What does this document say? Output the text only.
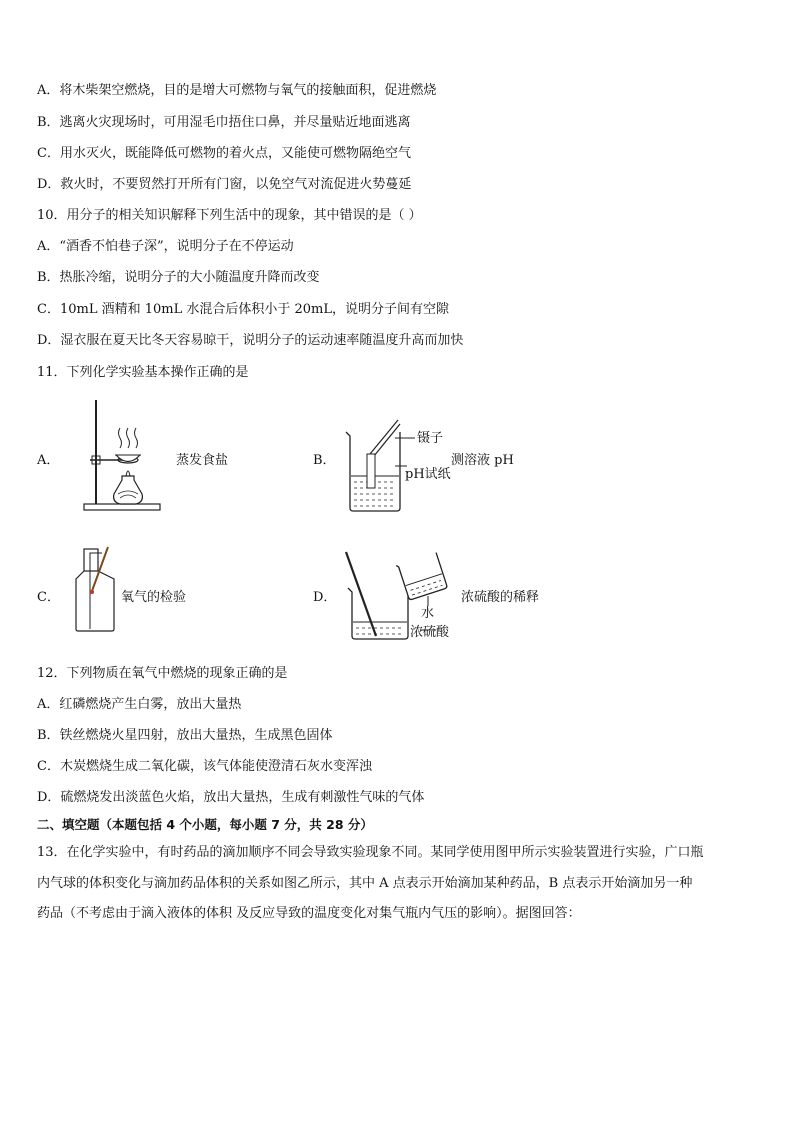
A．将木柴架空燃烧，目的是增大可燃物与氧气的接触面积，促进燃烧
B．逃离火灾现场时，可用湿毛巾捂住口鼻，并尽量贴近地面逃离
C．用水灭火，既能降低可燃物的着火点，又能使可燃物隔绝空气
D．救火时，不要贸然打开所有门窗，以免空气对流促进火势蔓延
10．用分子的相关知识解释下列生活中的现象，其中错误的是（ ）
A．“酒香不怕巷子深”，说明分子在不停运动
B．热胀冷缩，说明分子的大小随温度升降而改变
C．10mL 酒精和 10mL 水混合后体积小于 20mL，说明分子间有空隙
D．湿衣服在夏天比冬天容易晾干，说明分子的运动速率随温度升高而加快
11．下列化学实验基本操作正确的是
A．	蒸发食盐	B．
镊子
pH试纸
测溶液 pH
C．	氧气的检验	D．
水
浓硫酸
浓硫酸的稀释
12．下列物质在氧气中燃烧的现象正确的是
A．红磷燃烧产生白雾，放出大量热
B．铁丝燃烧火星四射，放出大量热，生成黑色固体
C．木炭燃烧生成二氧化碳，该气体能使澄清石灰水变浑浊
D．硫燃烧发出淡蓝色火焰，放出大量热，生成有刺激性气味的气体
二、填空题（本题包括 4 个小题，每小题 7 分，共 28 分）
13．在化学实验中，有时药品的滴加顺序不同会导致实验现象不同。某同学使用图甲所示实验装置进行实验，广口瓶
内气球的体积变化与滴加药品体积的关系如图乙所示，其中 A 点表示开始滴加某种药品，B 点表示开始滴加另一种
药品（不考虑由于滴入液体的体积 及反应导致的温度变化对集气瓶内气压的影响）。据图回答：
